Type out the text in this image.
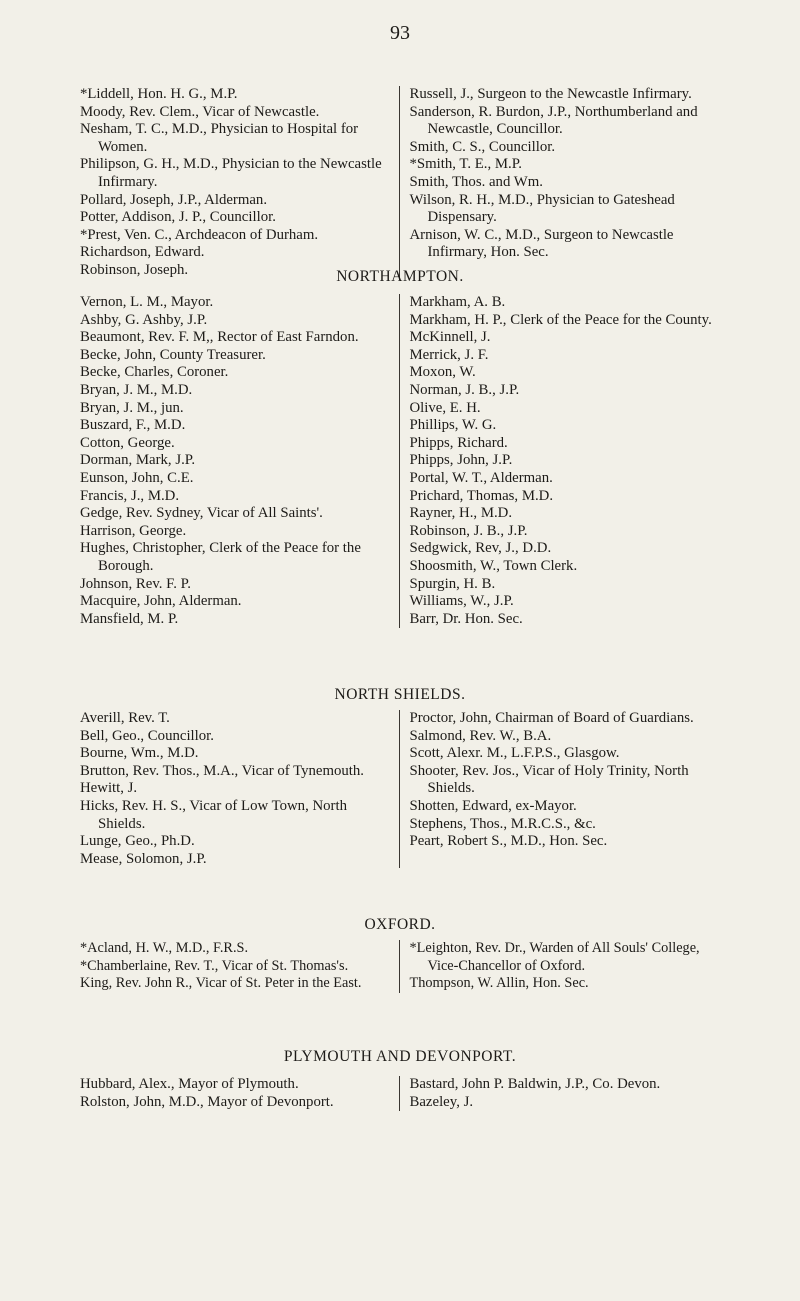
93

*Liddell, Hon. H. G., M.P.

Moody, Rev. Clem., Vicar of Newcastle.

Nesham, T. C., M.D., Physician to Hospital for Women.

Philipson, G. H., M.D., Physician to the Newcastle Infirmary.

Pollard, Joseph, J.P., Alderman.

Potter, Addison, J. P., Councillor.

*Prest, Ven. C., Archdeacon of Durham.

Richardson, Edward.

Robinson, Joseph.

Russell, J., Surgeon to the Newcastle Infirmary.

Sanderson, R. Burdon, J.P., Northumberland and Newcastle, Councillor.

Smith, C. S., Councillor.

*Smith, T. E., M.P.

Smith, Thos. and Wm.

Wilson, R. H., M.D., Physician to Gateshead Dispensary.

Arnison, W. C., M.D., Surgeon to Newcastle Infirmary, Hon. Sec.

NORTHAMPTON.

Vernon, L. M., Mayor.

Ashby, G. Ashby, J.P.

Beaumont, Rev. F. M,, Rector of East Farndon.

Becke, John, County Treasurer.

Becke, Charles, Coroner.

Bryan, J. M., M.D.

Bryan, J. M., jun.

Buszard, F., M.D.

Cotton, George.

Dorman, Mark, J.P.

Eunson, John, C.E.

Francis, J., M.D.

Gedge, Rev. Sydney, Vicar of All Saints'.

Harrison, George.

Hughes, Christopher, Clerk of the Peace for the Borough.

Johnson, Rev. F. P.

Macquire, John, Alderman.

Mansfield, M. P.

Markham, A. B.

Markham, H. P., Clerk of the Peace for the County.

McKinnell, J.

Merrick, J. F.

Moxon, W.

Norman, J. B., J.P.

Olive, E. H.

Phillips, W. G.

Phipps, Richard.

Phipps, John, J.P.

Portal, W. T., Alderman.

Prichard, Thomas, M.D.

Rayner, H., M.D.

Robinson, J. B., J.P.

Sedgwick, Rev, J., D.D.

Shoosmith, W., Town Clerk.

Spurgin, H. B.

Williams, W., J.P.

Barr, Dr. Hon. Sec.

NORTH SHIELDS.

Averill, Rev. T.

Bell, Geo., Councillor.

Bourne, Wm., M.D.

Brutton, Rev. Thos., M.A., Vicar of Tynemouth.

Hewitt, J.

Hicks, Rev. H. S., Vicar of Low Town, North Shields.

Lunge, Geo., Ph.D.

Mease, Solomon, J.P.

Proctor, John, Chairman of Board of Guardians.

Salmond, Rev. W., B.A.

Scott, Alexr. M., L.F.P.S., Glasgow.

Shooter, Rev. Jos., Vicar of Holy Trinity, North Shields.

Shotten, Edward, ex-Mayor.

Stephens, Thos., M.R.C.S., &c.

Peart, Robert S., M.D., Hon. Sec.

OXFORD.

*Acland, H. W., M.D., F.R.S.

*Chamberlaine, Rev. T., Vicar of St. Thomas's.

King, Rev. John R., Vicar of St. Peter in the East.

*Leighton, Rev. Dr., Warden of All Souls' College, Vice-Chancellor of Oxford.

Thompson, W. Allin, Hon. Sec.

PLYMOUTH AND DEVONPORT.

Hubbard, Alex., Mayor of Plymouth.

Rolston, John, M.D., Mayor of Devonport.

Bastard, John P. Baldwin, J.P., Co. Devon.

Bazeley, J.
